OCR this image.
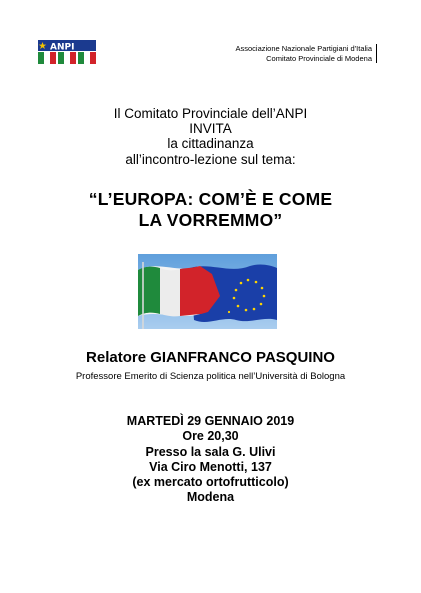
ANPI	Associazione Nazionale Partigiani d'Italia
Comitato Provinciale di Modena
Il Comitato Provinciale dell’ANPI
INVITA
la cittadinanza
all’incontro-lezione sul tema:
“L’EUROPA: COM’È E COME
LA VORREMMO”
Relatore GIANFRANCO PASQUINO
Professore Emerito di Scienza politica nell’Università di Bologna
MARTEDÌ 29 GENNAIO 2019
Ore 20,30
Presso la sala G. Ulivi
Via Ciro Menotti, 137
(ex mercato ortofrutticolo)
Modena
